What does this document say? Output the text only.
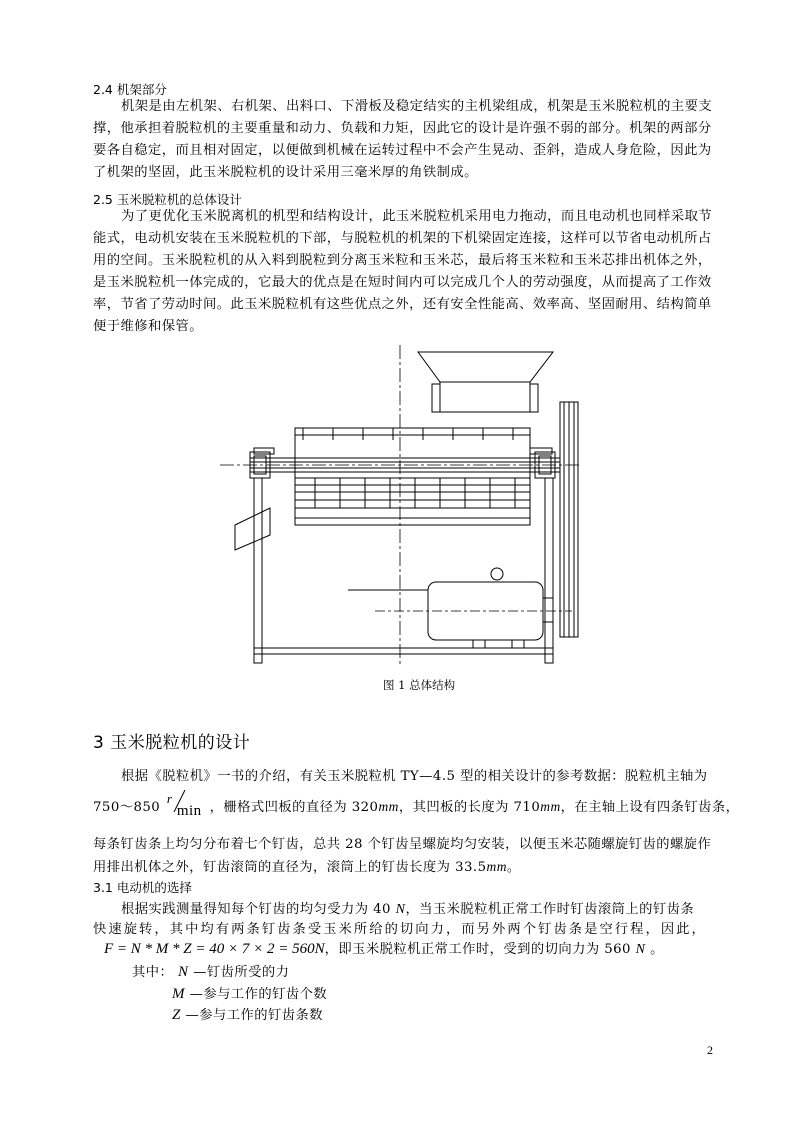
2.4 机架部分

机架是由左机架、右机架、出料口、下滑板及稳定结实的主机梁组成，机架是玉米脱粒机的主要支

撑，他承担着脱粒机的主要重量和动力、负载和力矩，因此它的设计是许强不弱的部分。机架的两部分

要各自稳定，而且相对固定，以便做到机械在运转过程中不会产生晃动、歪斜，造成人身危险，因此为

了机架的坚固，此玉米脱粒机的设计采用三毫米厚的角铁制成。

2.5 玉米脱粒机的总体设计

为了更优化玉米脱离机的机型和结构设计，此玉米脱粒机采用电力拖动，而且电动机也同样采取节

能式，电动机安装在玉米脱粒机的下部，与脱粒机的机架的下机梁固定连接，这样可以节省电动机所占

用的空间。玉米脱粒机的从入料到脱粒到分离玉米粒和玉米芯，最后将玉米粒和玉米芯排出机体之外，

是玉米脱粒机一体完成的，它最大的优点是在短时间内可以完成几个人的劳动强度，从而提高了工作效

率，节省了劳动时间。此玉米脱粒机有这些优点之外，还有安全性能高、效率高、坚固耐用、结构简单

便于维修和保管。

图 1 总体结构
3 玉米脱粒机的设计
根据《脱粒机》一书的介绍，有关玉米脱粒机 TY—4.5 型的相关设计的参考数据：脱粒机主轴为
750～850
r
min ，栅格式凹板的直径为 320mm，其凹板的长度为 710mm，在主轴上设有四条钉齿条，
每条钉齿条上均匀分布着七个钉齿，总共 28 个钉齿呈螺旋均匀安装，以便玉米芯随螺旋钉齿的螺旋作
用排出机体之外，钉齿滚筒的直径为，滚筒上的钉齿长度为 33.5mm。
3.1 电动机的选择
根据实践测量得知每个钉齿的均匀受力为 40 N，当玉米脱粒机正常工作时钉齿滚筒上的钉齿条
快速旋转，其中均有两条钉齿条受玉米所给的切向力，而另外两个钉齿条是空行程，因此，
F = N * M * Z = 40 × 7 × 2 = 560N，即玉米脱粒机正常工作时，受到的切向力为 560 N 。
其中： N —钉齿所受的力
M —参与工作的钉齿个数
Z —参与工作的钉齿条数
2
